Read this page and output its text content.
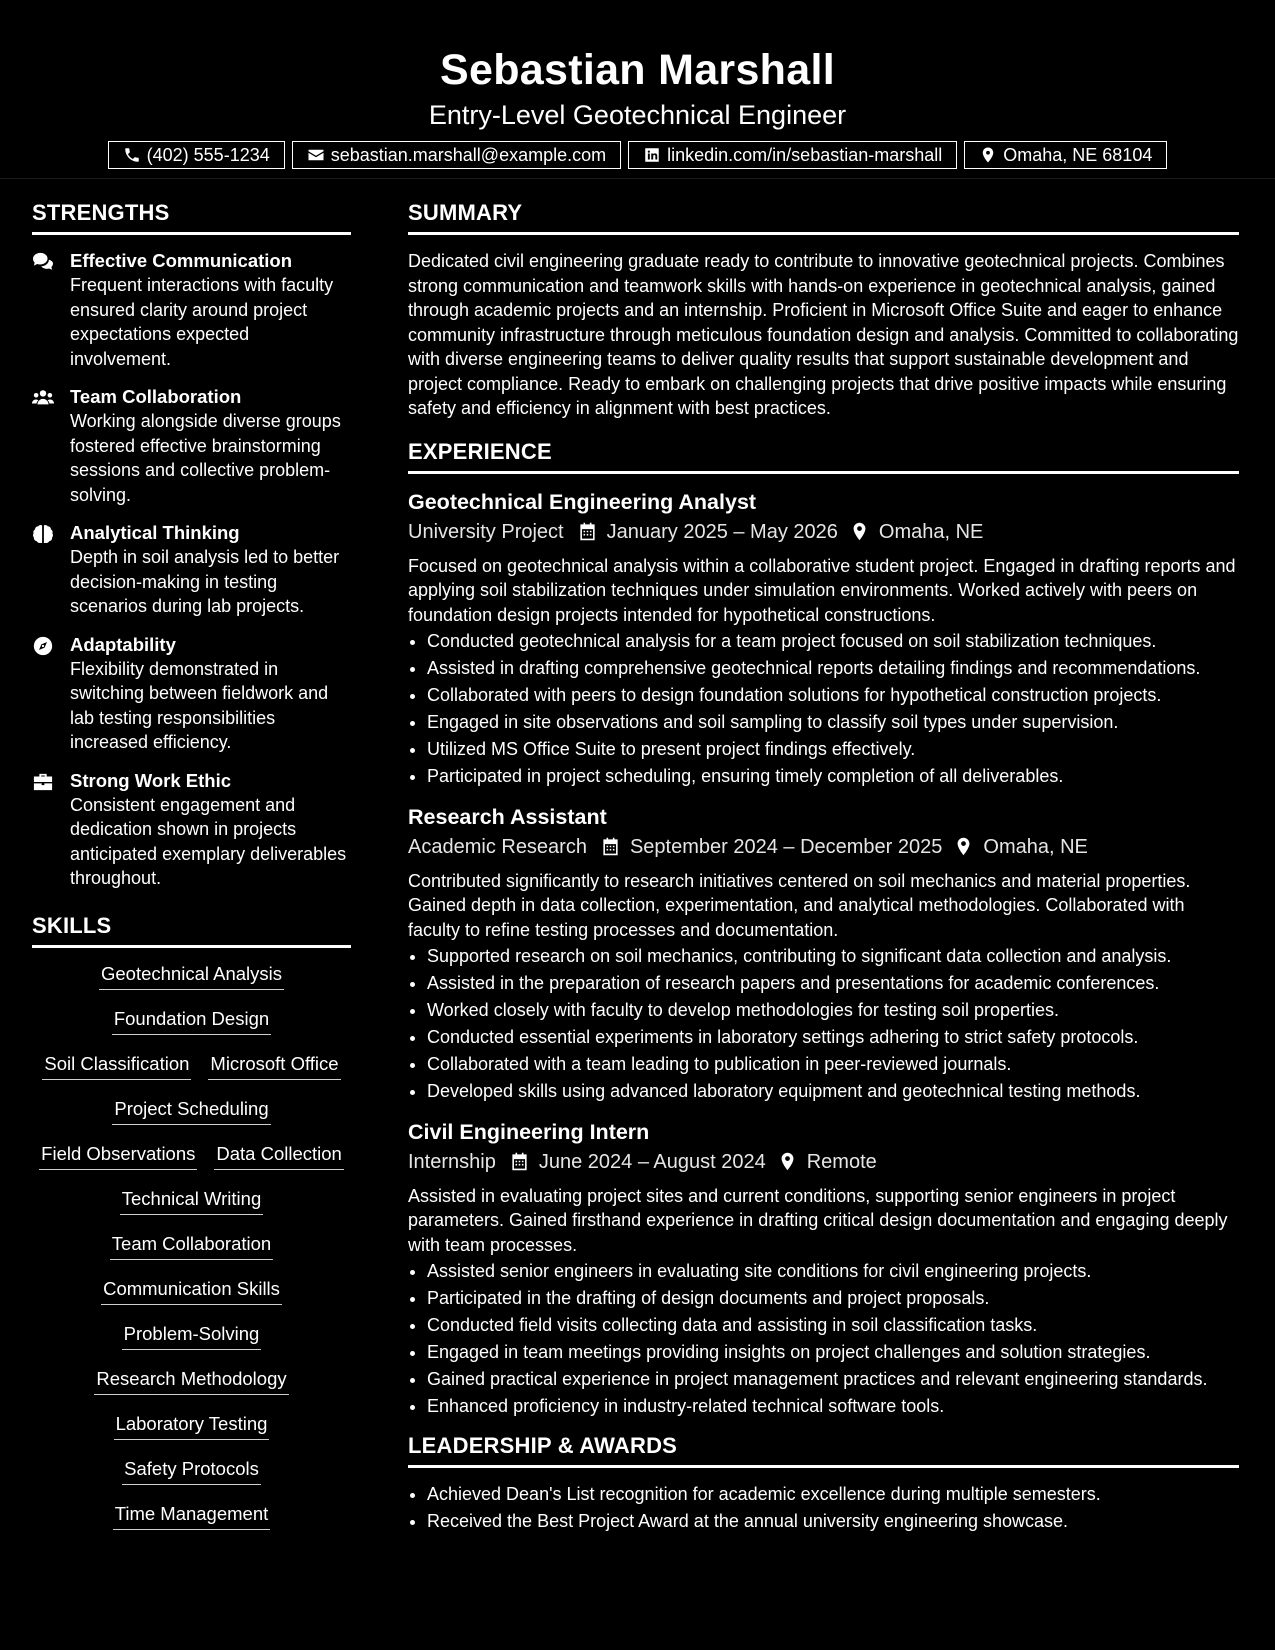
Sebastian Marshall
Entry-Level Geotechnical Engineer
(402) 555-1234	sebastian.marshall@example.com	linkedin.com/in/sebastian-marshall	Omaha, NE 68104
STRENGTHS
Effective Communication
Frequent interactions with faculty ensured clarity around project expectations expected involvement.
Team Collaboration
Working alongside diverse groups fostered effective brainstorming sessions and collective problem-solving.
Analytical Thinking
Depth in soil analysis led to better decision-making in testing scenarios during lab projects.
Adaptability
Flexibility demonstrated in switching between fieldwork and lab testing responsibilities increased efficiency.
Strong Work Ethic
Consistent engagement and dedication shown in projects anticipated exemplary deliverables throughout.
SKILLS
Geotechnical Analysis
Foundation Design
Soil Classification Microsoft Office
Project Scheduling
Field Observations Data Collection
Technical Writing
Team Collaboration
Communication Skills
Problem-Solving
Research Methodology
Laboratory Testing
Safety Protocols
Time Management
SUMMARY

Dedicated civil engineering graduate ready to contribute to innovative geotechnical projects. Combines strong communication and teamwork skills with hands-on experience in geotechnical analysis, gained through academic projects and an internship. Proficient in Microsoft Office Suite and eager to enhance community infrastructure through meticulous foundation design and analysis. Committed to collaborating with diverse engineering teams to deliver quality results that support sustainable development and project compliance. Ready to embark on challenging projects that drive positive impacts while ensuring safety and efficiency in alignment with best practices.

EXPERIENCE
Geotechnical Engineering Analyst
University Project January 2025 – May 2026 Omaha, NE

Focused on geotechnical analysis within a collaborative student project. Engaged in drafting reports and applying soil stabilization techniques under simulation environments. Worked actively with peers on foundation design projects intended for hypothetical constructions.

• Conducted geotechnical analysis for a team project focused on soil stabilization techniques.
• Assisted in drafting comprehensive geotechnical reports detailing findings and recommendations.
• Collaborated with peers to design foundation solutions for hypothetical construction projects.
• Engaged in site observations and soil sampling to classify soil types under supervision.
• Utilized MS Office Suite to present project findings effectively.
• Participated in project scheduling, ensuring timely completion of all deliverables.
Research Assistant
Academic Research September 2024 – December 2025 Omaha, NE

Contributed significantly to research initiatives centered on soil mechanics and material properties. Gained depth in data collection, experimentation, and analytical methodologies. Collaborated with faculty to refine testing processes and documentation.

• Supported research on soil mechanics, contributing to significant data collection and analysis.
• Assisted in the preparation of research papers and presentations for academic conferences.
• Worked closely with faculty to develop methodologies for testing soil properties.
• Conducted essential experiments in laboratory settings adhering to strict safety protocols.
• Collaborated with a team leading to publication in peer-reviewed journals.
• Developed skills using advanced laboratory equipment and geotechnical testing methods.
Civil Engineering Intern
Internship June 2024 – August 2024 Remote

Assisted in evaluating project sites and current conditions, supporting senior engineers in project parameters. Gained firsthand experience in drafting critical design documentation and engaging deeply with team processes.

• Assisted senior engineers in evaluating site conditions for civil engineering projects.
• Participated in the drafting of design documents and project proposals.
• Conducted field visits collecting data and assisting in soil classification tasks.
• Engaged in team meetings providing insights on project challenges and solution strategies.
• Gained practical experience in project management practices and relevant engineering standards.
• Enhanced proficiency in industry-related technical software tools.
LEADERSHIP & AWARDS
• Achieved Dean's List recognition for academic excellence during multiple semesters.
• Received the Best Project Award at the annual university engineering showcase.
